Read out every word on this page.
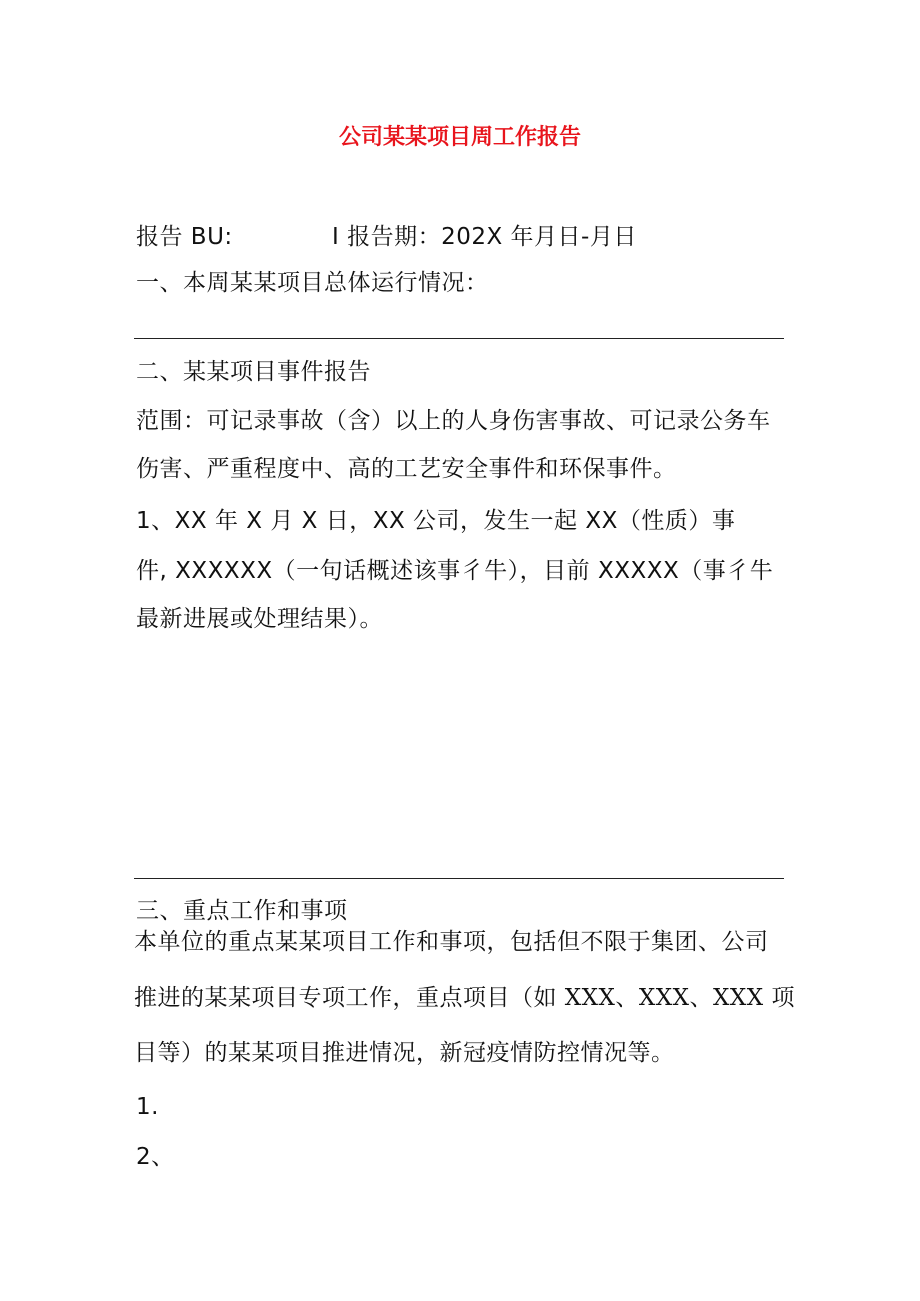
公司某某项目周工作报告
报告 BU:	I 报告期：202X 年月日-月日
一、本周某某项目总体运行情况：
二、某某项目事件报告
范围：可记录事故（含）以上的人身伤害事故、可记录公务车
伤害、严重程度中、高的工艺安全事件和环保事件。
1、XX 年 X 月 X 日，XX 公司，发生一起 XX（性质）事
件, XXXXXX（一句话概述该事彳牛），目前 XXXXX（事彳牛
最新进展或处理结果）。
三、重点工作和事项
本单位的重点某某项目工作和事项，包括但不限于集团、公司
推进的某某项目专项工作，重点项目（如 XXX、XXX、XXX 项
目等）的某某项目推进情况，新冠疫情防控情况等。
1.
2、
